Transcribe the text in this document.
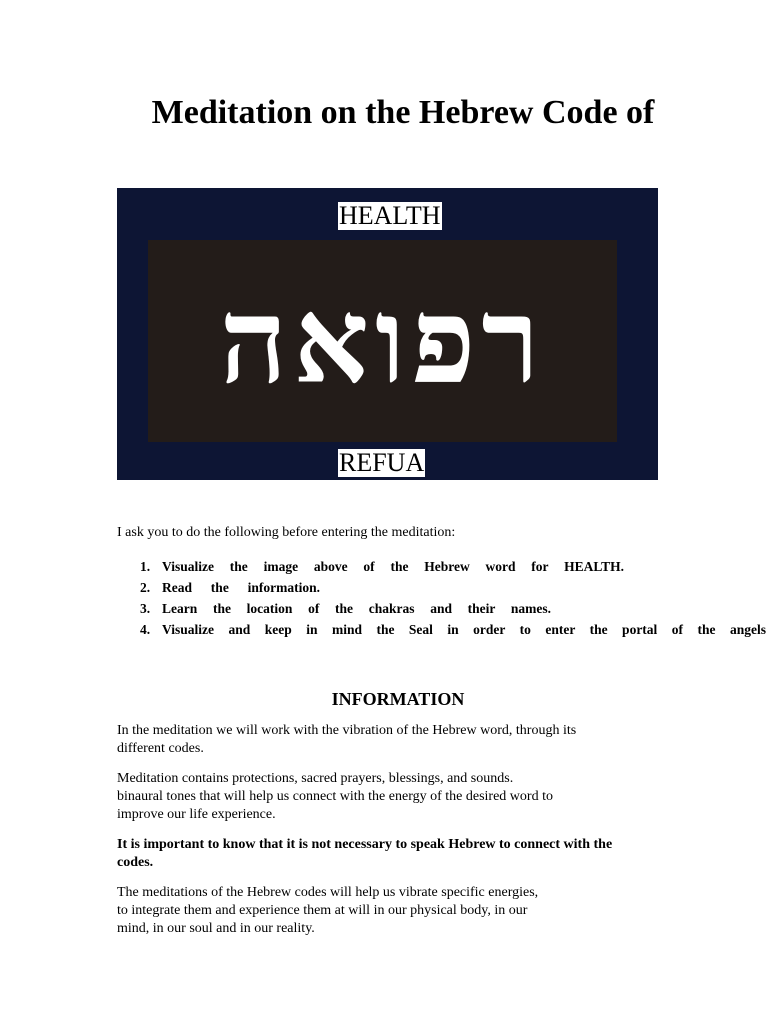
Meditation on the Hebrew Code of
HEALTH
רפואה
REFUA

I ask you to do the following before entering the meditation:

1. Visualize the image above of the Hebrew word for HEALTH.
2. Read the information.
3. Learn the location of the chakras and their names.
4. Visualize and keep in mind the Seal in order to enter the portal of the angels
INFORMATION

In the meditation we will work with the vibration of the Hebrew word, through its
different codes.

Meditation contains protections, sacred prayers, blessings, and sounds.
binaural tones that will help us connect with the energy of the desired word to
improve our life experience.

It is important to know that it is not necessary to speak Hebrew to connect with the
codes.

The meditations of the Hebrew codes will help us vibrate specific energies,
to integrate them and experience them at will in our physical body, in our
mind, in our soul and in our reality.
